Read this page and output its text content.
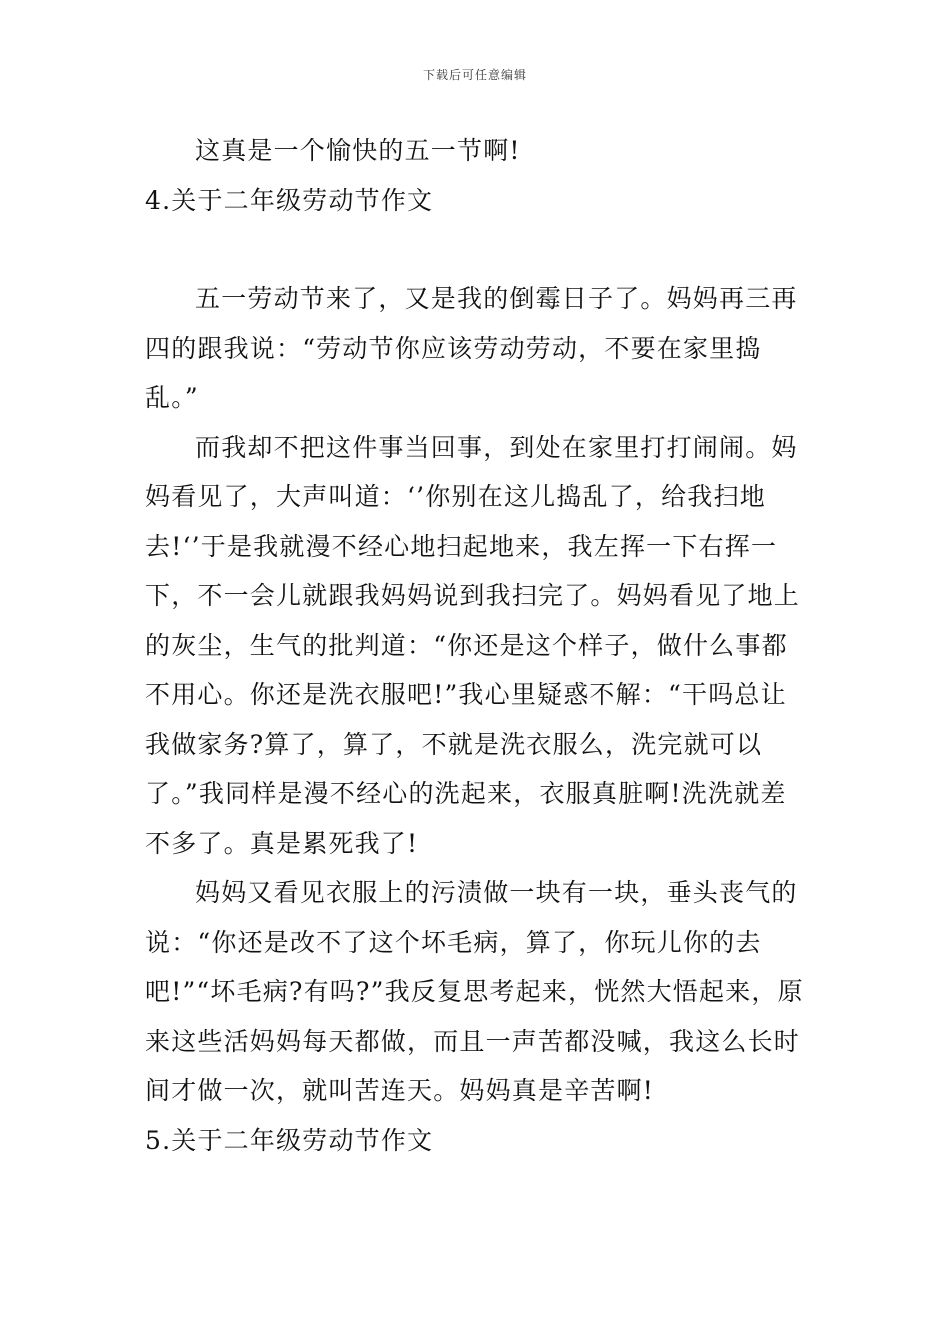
下载后可任意编辑

这真是一个愉快的五一节啊!

4.关于二年级劳动节作文

五一劳动节来了，又是我的倒霉日子了。妈妈再三再四的跟我说：“劳动节你应该劳动劳动，不要在家里捣乱。”

而我却不把这件事当回事，到处在家里打打闹闹。妈妈看见了，大声叫道：‘’你别在这儿捣乱了，给我扫地去!‘’于是我就漫不经心地扫起地来，我左挥一下右挥一下，不一会儿就跟我妈妈说到我扫完了。妈妈看见了地上的灰尘，生气的批判道：“你还是这个样子，做什么事都不用心。你还是洗衣服吧!”我心里疑惑不解：“干吗总让我做家务?算了，算了，不就是洗衣服么，洗完就可以了。”我同样是漫不经心的洗起来，衣服真脏啊!洗洗就差不多了。真是累死我了!

妈妈又看见衣服上的污渍做一块有一块，垂头丧气的说：“你还是改不了这个坏毛病，算了，你玩儿你的去吧!”“坏毛病?有吗?”我反复思考起来，恍然大悟起来，原来这些活妈妈每天都做，而且一声苦都没喊，我这么长时间才做一次，就叫苦连天。妈妈真是辛苦啊!

5.关于二年级劳动节作文
